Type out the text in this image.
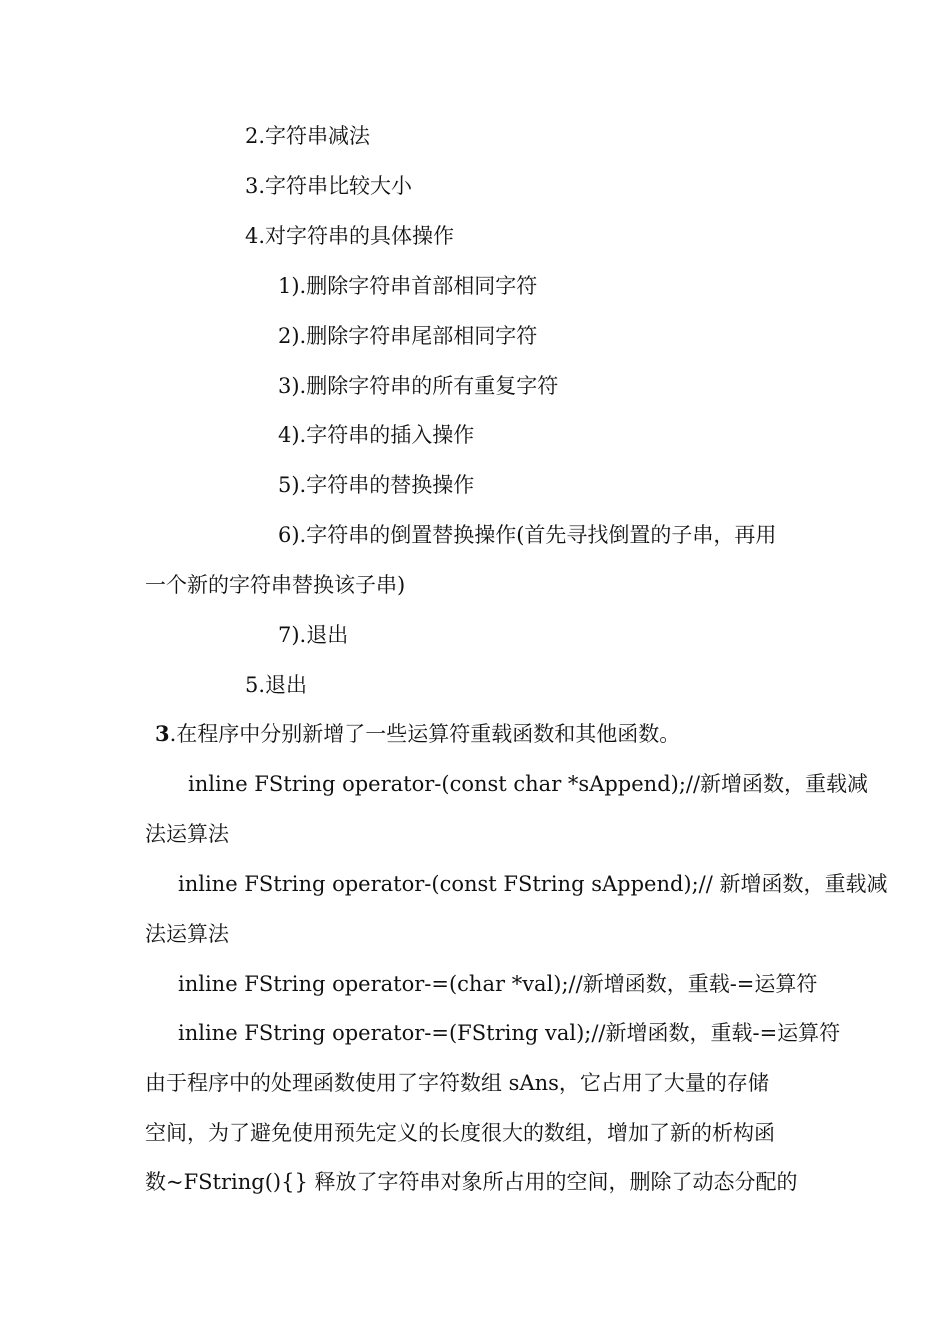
2.字符串减法
3.字符串比较大小
4.对字符串的具体操作
1).删除字符串首部相同字符
2).删除字符串尾部相同字符
3).删除字符串的所有重复字符
4).字符串的插入操作
5).字符串的替换操作
6).字符串的倒置替换操作(首先寻找倒置的子串，再用
一个新的字符串替换该子串)
7).退出
5.退出
3.在程序中分别新增了一些运算符重载函数和其他函数。
inline FString operator-(const char *sAppend);//新增函数，重载减
法运算法
inline FString operator-(const FString sAppend);// 新增函数，重载减
法运算法
inline FString operator-=(char *val);//新增函数，重载-=运算符
inline FString operator-=(FString val);//新增函数，重载-=运算符
由于程序中的处理函数使用了字符数组 sAns，它占用了大量的存储
空间，为了避免使用预先定义的长度很大的数组，增加了新的析构函
数~FString(){} 释放了字符串对象所占用的空间，删除了动态分配的
